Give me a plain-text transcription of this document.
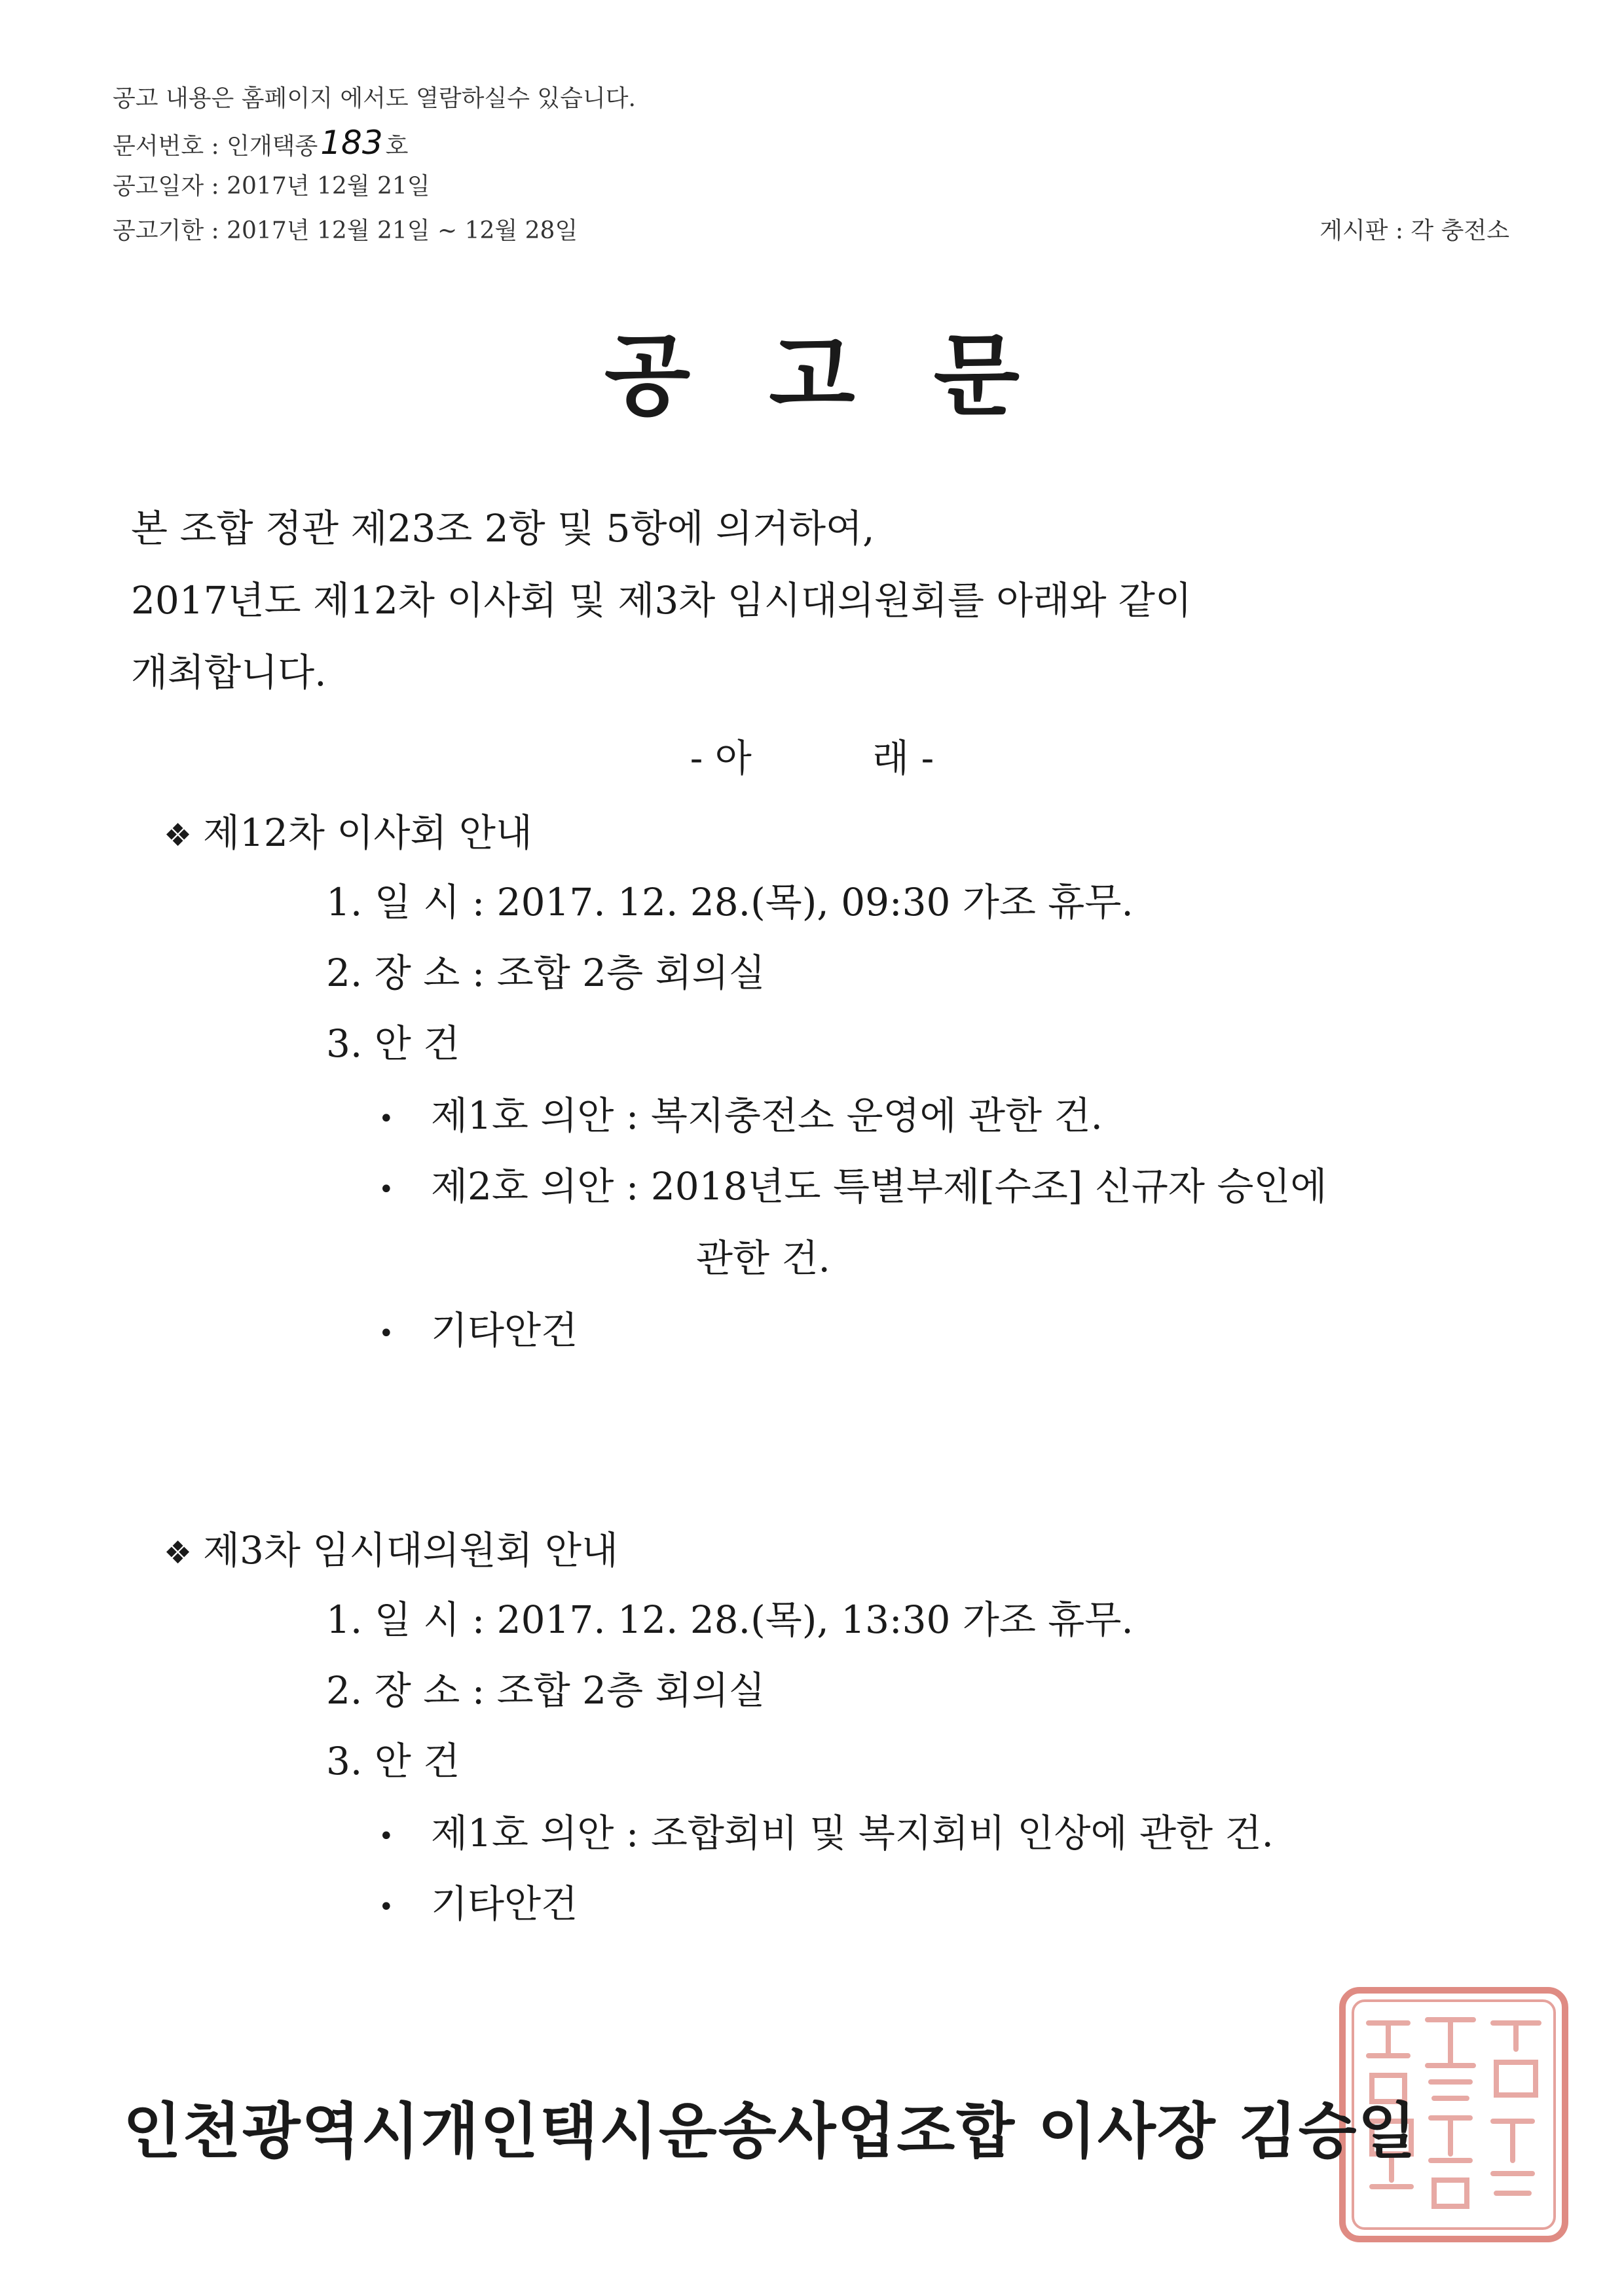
공고 내용은 홈페이지 에서도 열람하실수 있습니다.
문서번호 : 인개택종183 호
공고일자 : 2017년 12월 21일
공고기한 : 2017년 12월 21일 ~ 12월 28일	게시판 : 각 충전소
공고문
본 조합 정관 제23조 2항 및 5항에 의거하여,
2017년도 제12차 이사회 및 제3차 임시대의원회를 아래와 같이
개최합니다.
- 아          래 -
❖ 제12차 이사회 안내
1. 일 시 : 2017. 12. 28.(목), 09:30 가조 휴무.
2. 장 소 : 조합 2층 회의실
3. 안 건
• 제1호 의안 : 복지충전소 운영에 관한 건.
• 제2호 의안 : 2018년도 특별부제[수조] 신규자 승인에
관한 건.
• 기타안건
❖ 제3차 임시대의원회 안내
1. 일 시 : 2017. 12. 28.(목), 13:30 가조 휴무.
2. 장 소 : 조합 2층 회의실
3. 안 건
• 제1호 의안 : 조합회비 및 복지회비 인상에 관한 건.
• 기타안건
인천광역시개인택시운송사업조합 이사장 김승일
